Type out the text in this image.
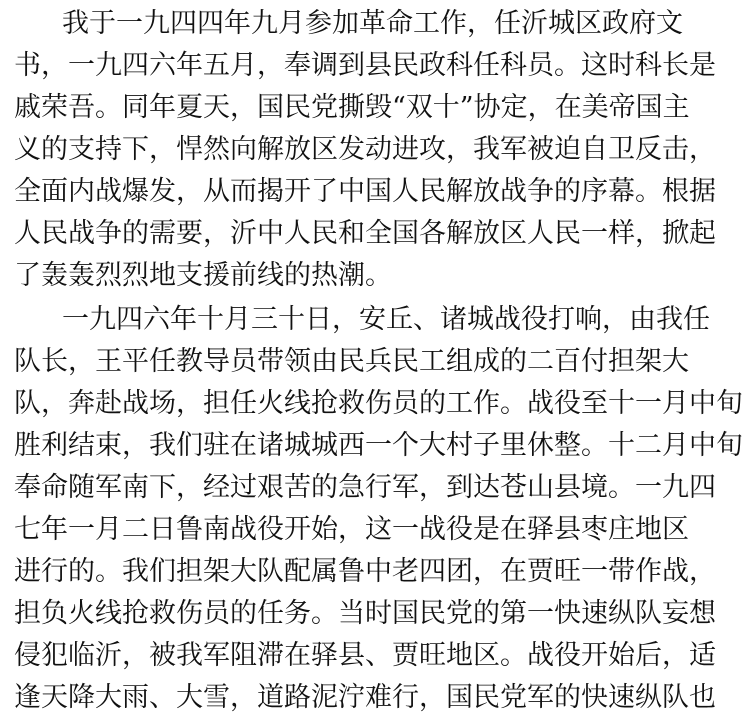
我于一九四四年九月参加革命工作，任沂城区政府文
书，一九四六年五月，奉调到县民政科任科员。这时科长是
戚荣吾。同年夏天，国民党撕毁“双十”协定，在美帝国主
义的支持下，悍然向解放区发动进攻，我军被迫自卫反击，
全面内战爆发，从而揭开了中国人民解放战争的序幕。根据
人民战争的需要，沂中人民和全国各解放区人民一样，掀起
了轰轰烈烈地支援前线的热潮。
一九四六年十月三十日，安丘、诸城战役打响，由我任
队长，王平任教导员带领由民兵民工组成的二百付担架大
队，奔赴战场，担任火线抢救伤员的工作。战役至十一月中旬
胜利结束，我们驻在诸城城西一个大村子里休整。十二月中旬
奉命随军南下，经过艰苦的急行军，到达苍山县境。一九四
七年一月二日鲁南战役开始，这一战役是在驿县枣庄地区
进行的。我们担架大队配属鲁中老四团，在贾旺一带作战，
担负火线抢救伤员的任务。当时国民党的第一快速纵队妄想
侵犯临沂，被我军阻滞在驿县、贾旺地区。战役开始后，适
逢天降大雨、大雪，道路泥泞难行，国民党军的快速纵队也
